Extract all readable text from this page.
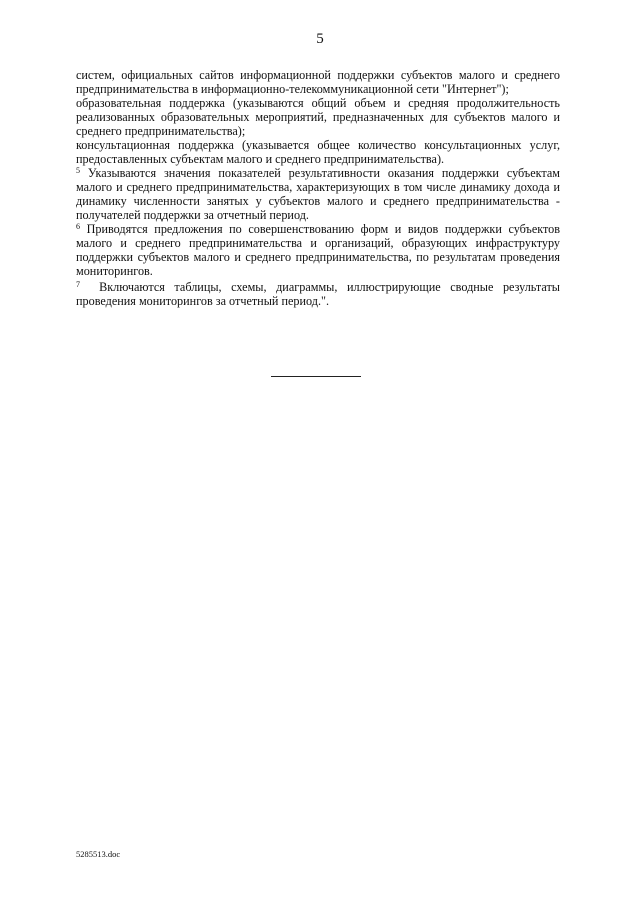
5

систем, официальных сайтов информационной поддержки субъектов малого и среднего предпринимательства в информационно-телекоммуникационной сети "Интернет");

образовательная поддержка (указываются общий объем и средняя продолжительность реализованных образовательных мероприятий, предназначенных для субъектов малого и среднего предпринимательства);

консультационная поддержка (указывается общее количество консультационных услуг, предоставленных субъектам малого и среднего предпринимательства).

$^5$ Указываются значения показателей результативности оказания поддержки субъектам малого и среднего предпринимательства, характеризующих в том числе динамику дохода и динамику численности занятых у субъектов малого и среднего предпринимательства - получателей поддержки за отчетный период.

$^6$ Приводятся предложения по совершенствованию форм и видов поддержки субъектов малого и среднего предпринимательства и организаций, образующих инфраструктуру поддержки субъектов малого и среднего предпринимательства, по результатам проведения мониторингов.

$^7$ Включаются таблицы, схемы, диаграммы, иллюстрирующие сводные результаты проведения мониторингов за отчетный период.".

5285513.doc
